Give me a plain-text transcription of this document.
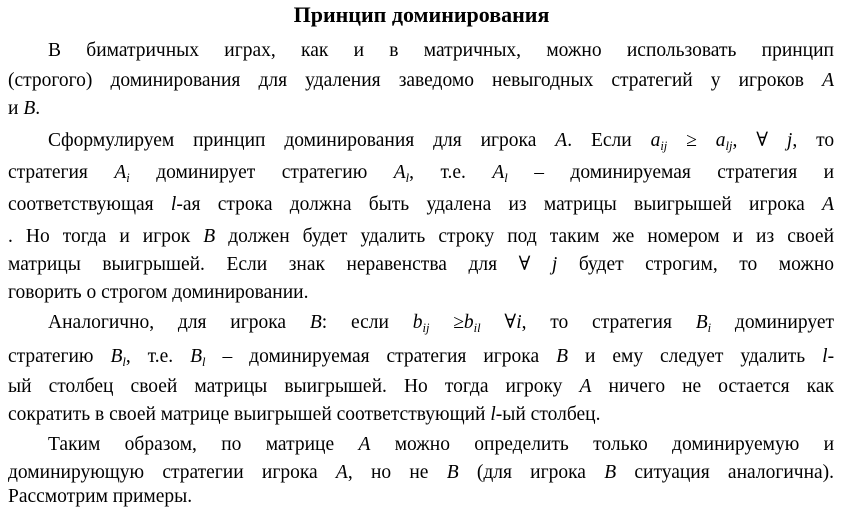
Принцип доминирования
В биматричных играх, как и в матричных, можно использовать принцип
(строгого) доминирования для удаления заведомо невыгодных стратегий у игроков A
и B.
Сформулируем принцип доминирования для игрока A. Если $a_{ij} \ge a_{lj}$, ∀ j, то
стратегия $A_i$ доминирует стратегию $A_l$, т.е. $A_l$ – доминируемая стратегия и
соответствующая l-ая строка должна быть удалена из матрицы выигрышей игрока A
. Но тогда и игрок B должен будет удалить строку под таким же номером и из своей
матрицы выигрышей. Если знак неравенства для ∀ j будет строгим, то можно
говорить о строгом доминировании.
Аналогично, для игрока B: если $b_{ij} \ge b_{il}$ ∀i, то стратегия $B_i$ доминирует
стратегию $B_l$, т.е. $B_l$ – доминируемая стратегия игрока B и ему следует удалить l-
ый столбец своей матрицы выигрышей. Но тогда игроку A ничего не остается как
сократить в своей матрице выигрышей соответствующий l-ый столбец.
Таким образом, по матрице A можно определить только доминируемую и
доминирующую стратегии игрока A, но не B (для игрока B ситуация аналогична).
Рассмотрим примеры.
